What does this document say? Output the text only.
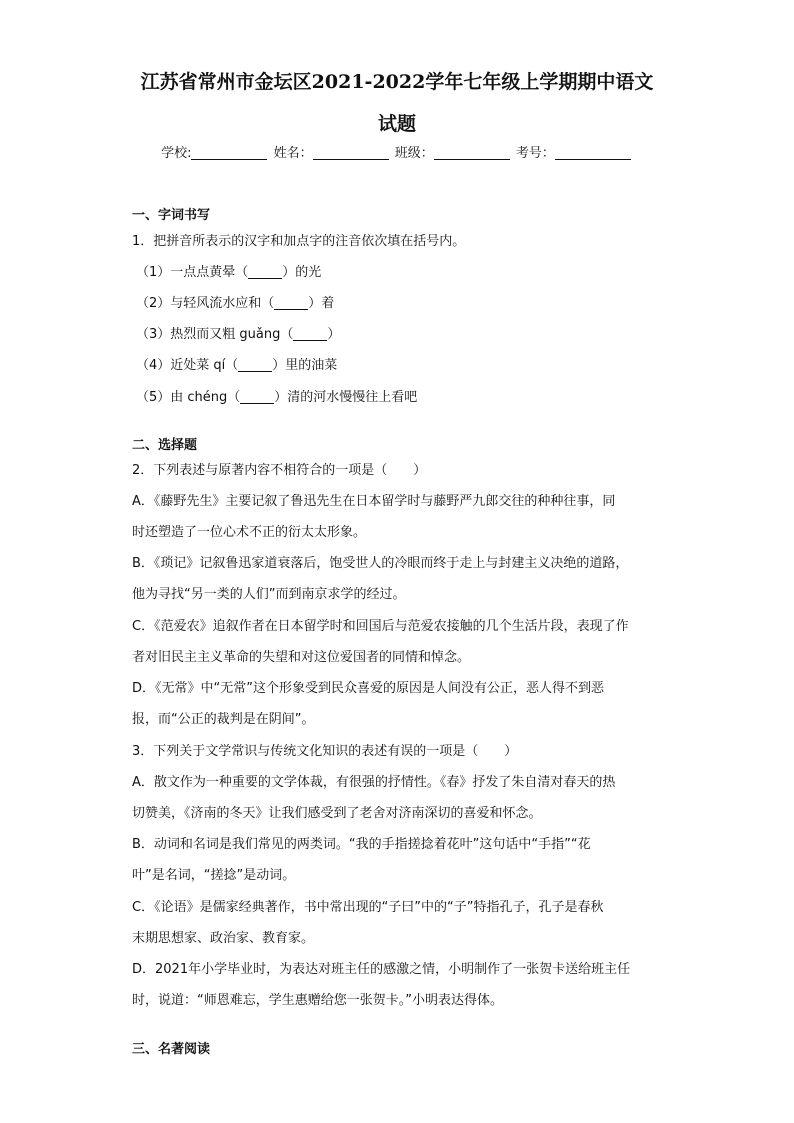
江苏省常州市金坛区2021-2022学年七年级上学期期中语文
试题
学校:	姓名：	班级：	考号：
一、字词书写
1．把拼音所表示的汉字和加点字的注音依次填在括号内。
（1）一点点黄晕（	）的光
（2）与轻风流水应和（	）着
（3）热烈而又粗 guǎng（	）
（4）近处菜 qí（	）里的油菜
（5）由 chéng（	）清的河水慢慢往上看吧
二、选择题
2．下列表述与原著内容不相符合的一项是（　　）
A．《藤野先生》主要记叙了鲁迅先生在日本留学时与藤野严九郎交往的种种往事，同
时还塑造了一位心术不正的衍太太形象。
B．《琐记》记叙鲁迅家道衰落后，饱受世人的冷眼而终于走上与封建主义决绝的道路，
他为寻找“另一类的人们”而到南京求学的经过。
C．《范爱农》追叙作者在日本留学时和回国后与范爱农接触的几个生活片段，表现了作
者对旧民主主义革命的失望和对这位爱国者的同情和悼念。
D．《无常》中“无常”这个形象受到民众喜爱的原因是人间没有公正，恶人得不到恶
报，而“公正的裁判是在阴间”。
3．下列关于文学常识与传统文化知识的表述有误的一项是（　　）
A．散文作为一种重要的文学体裁，有很强的抒情性。《春》抒发了朱自清对春天的热
切赞美，《济南的冬天》让我们感受到了老舍对济南深切的喜爱和怀念。
B．动词和名词是我们常见的两类词。“我的手指搓捻着花叶”这句话中“手指”“花
叶”是名词，“搓捻”是动词。
C．《论语》是儒家经典著作，书中常出现的“子曰”中的“子”特指孔子，孔子是春秋
末期思想家、政治家、教育家。
D．2021年小学毕业时，为表达对班主任的感激之情，小明制作了一张贺卡送给班主任
时，说道：“师恩难忘，学生惠赠给您一张贺卡。”小明表达得体。
三、名著阅读
